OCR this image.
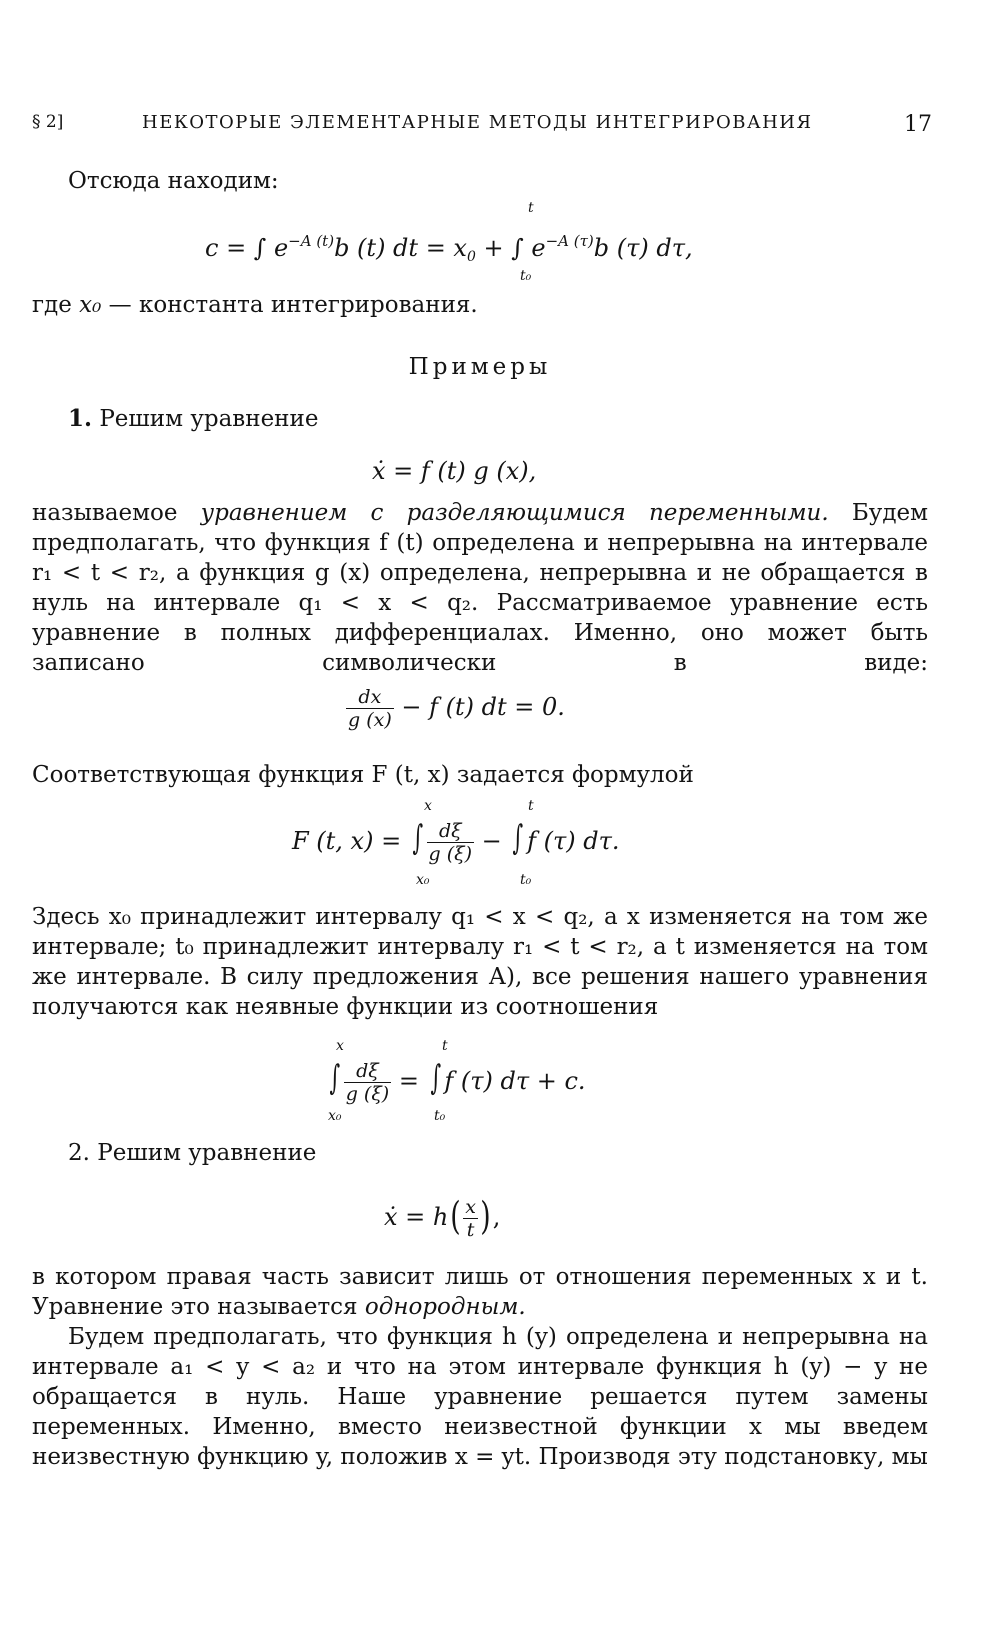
§ 2]	НЕКОТОРЫЕ ЭЛЕМЕНТАРНЫЕ МЕТОДЫ ИНТЕГРИРОВАНИЯ	17

Отсюда находим:

t
c = ∫ $e^{-A (t)}b$ (t) dt = $x_0$ + ∫ $e^{-A (\tau)}b$ (τ) dτ,
t₀

где x₀ — константа интегрирования.

Примеры

1. Решим уравнение

ẋ = f (t) g (x),

называемое уравнением с разделяющимися переменными. Будем предполагать, что функция f (t) определена и непрерывна на интервале r₁ < t < r₂, а функция g (x) определена, непрерывна и не обращается в нуль на интервале q₁ < x < q₂. Рассматриваемое уравнение есть уравнение в полных дифференциалах. Именно, оно может быть записано символически в виде:

$\frac{dx}{g (x)} - f$ (t) dt = 0.

Соответствующая функция F (t, x) задается формулой

x	t
F (t, x) = ∫ $\frac{d\xi}{g (\xi)}$ − ∫ f (τ) dτ.
x₀	t₀

Здесь x₀ принадлежит интервалу q₁ < x < q₂, а x изменяется на том же интервале; t₀ принадлежит интервалу r₁ < t < r₂, а t изменяется на том же интервале. В силу предложения А), все решения нашего уравнения получаются как неявные функции из соотношения

x	t
∫ $\frac{d\xi}{g (\xi)}$ = ∫ f (τ) dτ + c.
x₀	t₀

2. Решим уравнение

ẋ = $h( \frac{x}{t}$ ),

в котором правая часть зависит лишь от отношения переменных x и t. Уравнение это называется однородным.

Будем предполагать, что функция h (y) определена и непрерывна на интервале a₁ < y < a₂ и что на этом интервале функция h (y) − y не обращается в нуль. Наше уравнение решается путем замены переменных. Именно, вместо неизвестной функции x мы введем неизвестную функцию y, положив x = yt. Производя эту подстановку, мы
